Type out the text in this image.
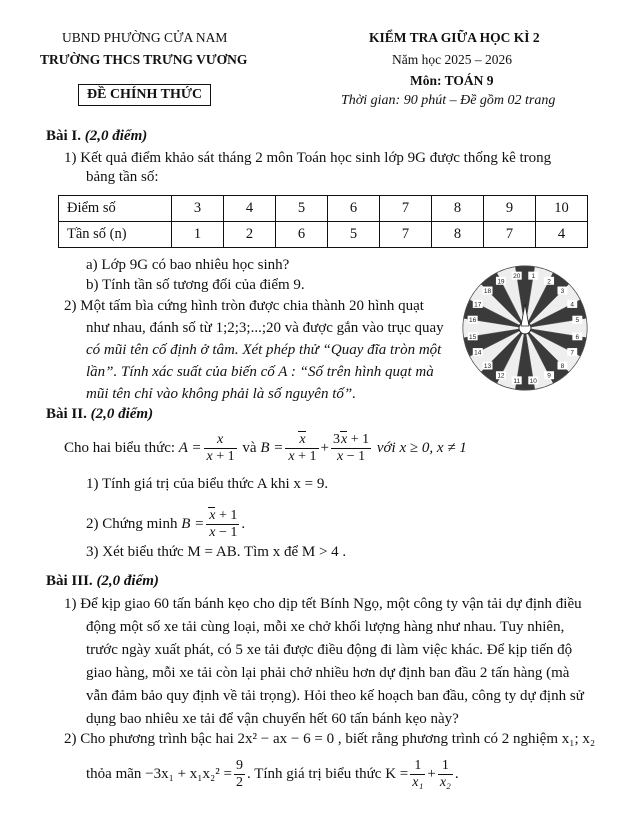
UBND PHƯỜNG CỬA NAM
TRƯỜNG THCS TRƯNG VƯƠNG
ĐỀ CHÍNH THỨC
KIỂM TRA GIỮA HỌC KÌ 2
Năm học 2025 – 2026
Môn: TOÁN 9
Thời gian: 90 phút – Đề gồm 02 trang
Bài I. (2,0 điểm)
1) Kết quả điểm khảo sát tháng 2 môn Toán học sinh lớp 9G được thống kê trong
bảng tần số:
Điểm số	3	4	5	6	7	8	9	10
Tần số (n)	1	2	6	5	7	8	7	4
a) Lớp 9G có bao nhiêu học sinh?
b) Tính tần số tương đối của điểm 9.
2) Một tấm bìa cứng hình tròn được chia thành 20 hình quạt
như nhau, đánh số từ 1;2;3;...;20 và được gắn vào trục quay
có mũi tên cố định ở tâm. Xét phép thử “Quay đĩa tròn một
lần”. Tính xác suất của biến cố A : “Số trên hình quạt mà
mũi tên chỉ vào không phải là số nguyên tố”.
1
2
3
4
5
6
7
8
9
10
11
12
13
14
15
16
17
18
19
20
Bài II. (2,0 điểm)
Cho hai biểu thức: $A = \frac{x}{x + 1}$ và $B = \frac{x}{x + 1} + \frac{3x + 1}{x - 1}$ với x ≥ 0, x ≠ 1
1) Tính giá trị của biểu thức A khi x = 9.
2) Chứng minh $B = \frac{x + 1}{x - 1}$ .
3) Xét biểu thức M = AB. Tìm x để M > 4 .
Bài III. (2,0 điểm)
1) Để kịp giao 60 tấn bánh kẹo cho dịp tết Bính Ngọ, một công ty vận tải dự định điều
động một số xe tải cùng loại, mỗi xe chở khối lượng hàng như nhau. Tuy nhiên,
trước ngày xuất phát, có 5 xe tải được điều động đi làm việc khác. Để kịp tiến độ
giao hàng, mỗi xe tải còn lại phải chở nhiều hơn dự định ban đầu 2 tấn hàng (mà
vẫn đảm bảo quy định về tải trọng). Hỏi theo kế hoạch ban đầu, công ty dự định sử
dụng bao nhiêu xe tải để vận chuyển hết 60 tấn bánh kẹo này?
2) Cho phương trình bậc hai 2x² − ax − 6 = 0 , biết rằng phương trình có 2 nghiệm x₁; x₂
thỏa mãn $-3x_1 + x_1x_2^2 = \frac{9}{2}$ . Tính giá trị biểu thức $K = \frac{1}{\text{x₁}} + \frac{1}{\text{x₂}}$ .
